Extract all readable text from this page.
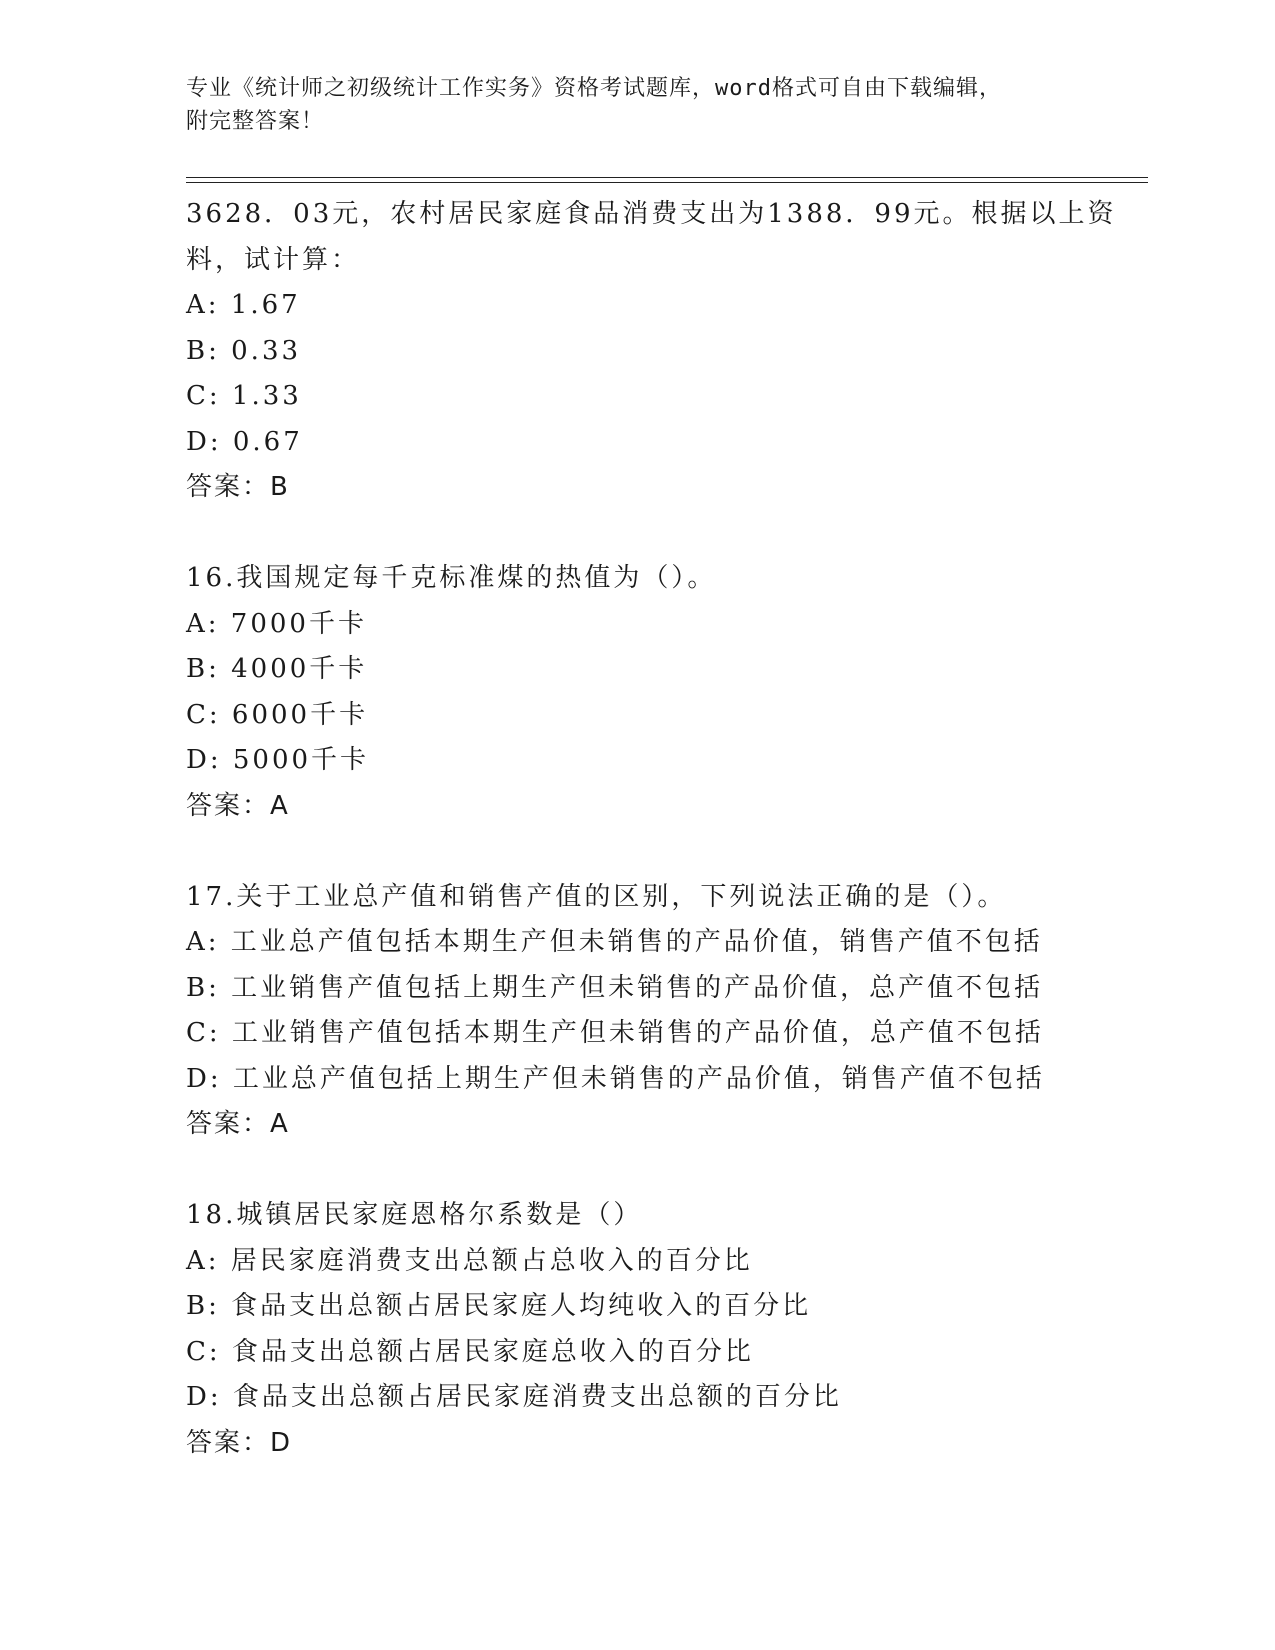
专业《统计师之初级统计工作实务》资格考试题库，word格式可自由下载编辑，
附完整答案！
3628．03元，农村居民家庭食品消费支出为1388．99元。根据以上资
料，试计算：
A: 1.67
B: 0.33
C: 1.33
D: 0.67
答案：B
16.我国规定每千克标准煤的热值为（）。
A: 7000千卡
B: 4000千卡
C: 6000千卡
D: 5000千卡
答案：A
17.关于工业总产值和销售产值的区别，下列说法正确的是（）。
A: 工业总产值包括本期生产但未销售的产品价值，销售产值不包括
B: 工业销售产值包括上期生产但未销售的产品价值，总产值不包括
C: 工业销售产值包括本期生产但未销售的产品价值，总产值不包括
D: 工业总产值包括上期生产但未销售的产品价值，销售产值不包括
答案：A
18.城镇居民家庭恩格尔系数是（）
A: 居民家庭消费支出总额占总收入的百分比
B: 食品支出总额占居民家庭人均纯收入的百分比
C: 食品支出总额占居民家庭总收入的百分比
D: 食品支出总额占居民家庭消费支出总额的百分比
答案：D
